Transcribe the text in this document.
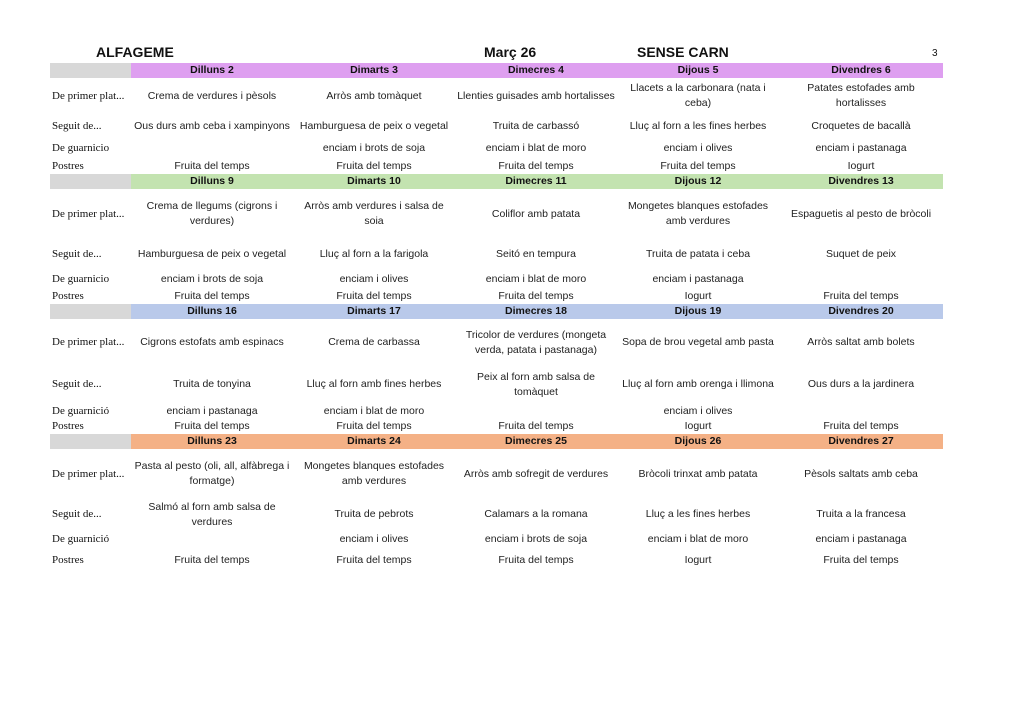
ALFAGEME	Març 26	SENSE CARN	3
	Dilluns 2	Dimarts 3	Dimecres 4	Dijous 5	Divendres 6
De primer plat...	Crema de verdures i pèsols	Arròs amb tomàquet	Llenties guisades amb hortalisses	Llacets a la carbonara (nata i ceba)	Patates estofades amb hortalisses
Seguit de...	Ous durs amb ceba i xampinyons	Hamburguesa de peix o vegetal	Truita de carbassó	Lluç al forn a les fines herbes	Croquetes de bacallà
De guarnicio		enciam i brots de soja	enciam i blat de moro	enciam i olives	enciam i pastanaga
Postres	Fruita del temps	Fruita del temps	Fruita del temps	Fruita del temps	Iogurt
	Dilluns 9	Dimarts 10	Dimecres 11	Dijous 12	Divendres 13
De primer plat...	Crema de llegums (cigrons i verdures)	Arròs amb verdures i salsa de soia	Coliflor amb patata	Mongetes blanques estofades amb verdures	Espaguetis al pesto de bròcoli
Seguit de...	Hamburguesa de peix o vegetal	Lluç al forn a la farigola	Seitó en tempura	Truita de patata i ceba	Suquet de peix
De guarnicio	enciam i brots de soja	enciam i olives	enciam i blat de moro	enciam i pastanaga	
Postres	Fruita del temps	Fruita del temps	Fruita del temps	Iogurt	Fruita del temps
	Dilluns 16	Dimarts 17	Dimecres 18	Dijous 19	Divendres 20
De primer plat...	Cigrons estofats amb espinacs	Crema de carbassa	Tricolor de verdures (mongeta verda, patata i pastanaga)	Sopa de brou vegetal amb pasta	Arròs saltat amb bolets
Seguit de...	Truita de tonyina	Lluç al forn amb fines herbes	Peix al forn amb salsa de tomàquet	Lluç al forn amb orenga i llimona	Ous durs a la jardinera
De guarnició	enciam i pastanaga	enciam i blat de moro		enciam i olives	
Postres	Fruita del temps	Fruita del temps	Fruita del temps	Iogurt	Fruita del temps
	Dilluns 23	Dimarts 24	Dimecres 25	Dijous 26	Divendres 27
De primer plat...	Pasta al pesto (oli, all, alfàbrega i formatge)	Mongetes blanques estofades amb verdures	Arròs amb sofregit de verdures	Bròcoli trinxat amb patata	Pèsols saltats amb ceba
Seguit de...	Salmó al forn amb salsa de verdures	Truita de pebrots	Calamars a la romana	Lluç a les fines herbes	Truita a la francesa
De guarnició		enciam i olives	enciam i brots de soja	enciam i blat de moro	enciam i pastanaga
Postres	Fruita del temps	Fruita del temps	Fruita del temps	Iogurt	Fruita del temps
